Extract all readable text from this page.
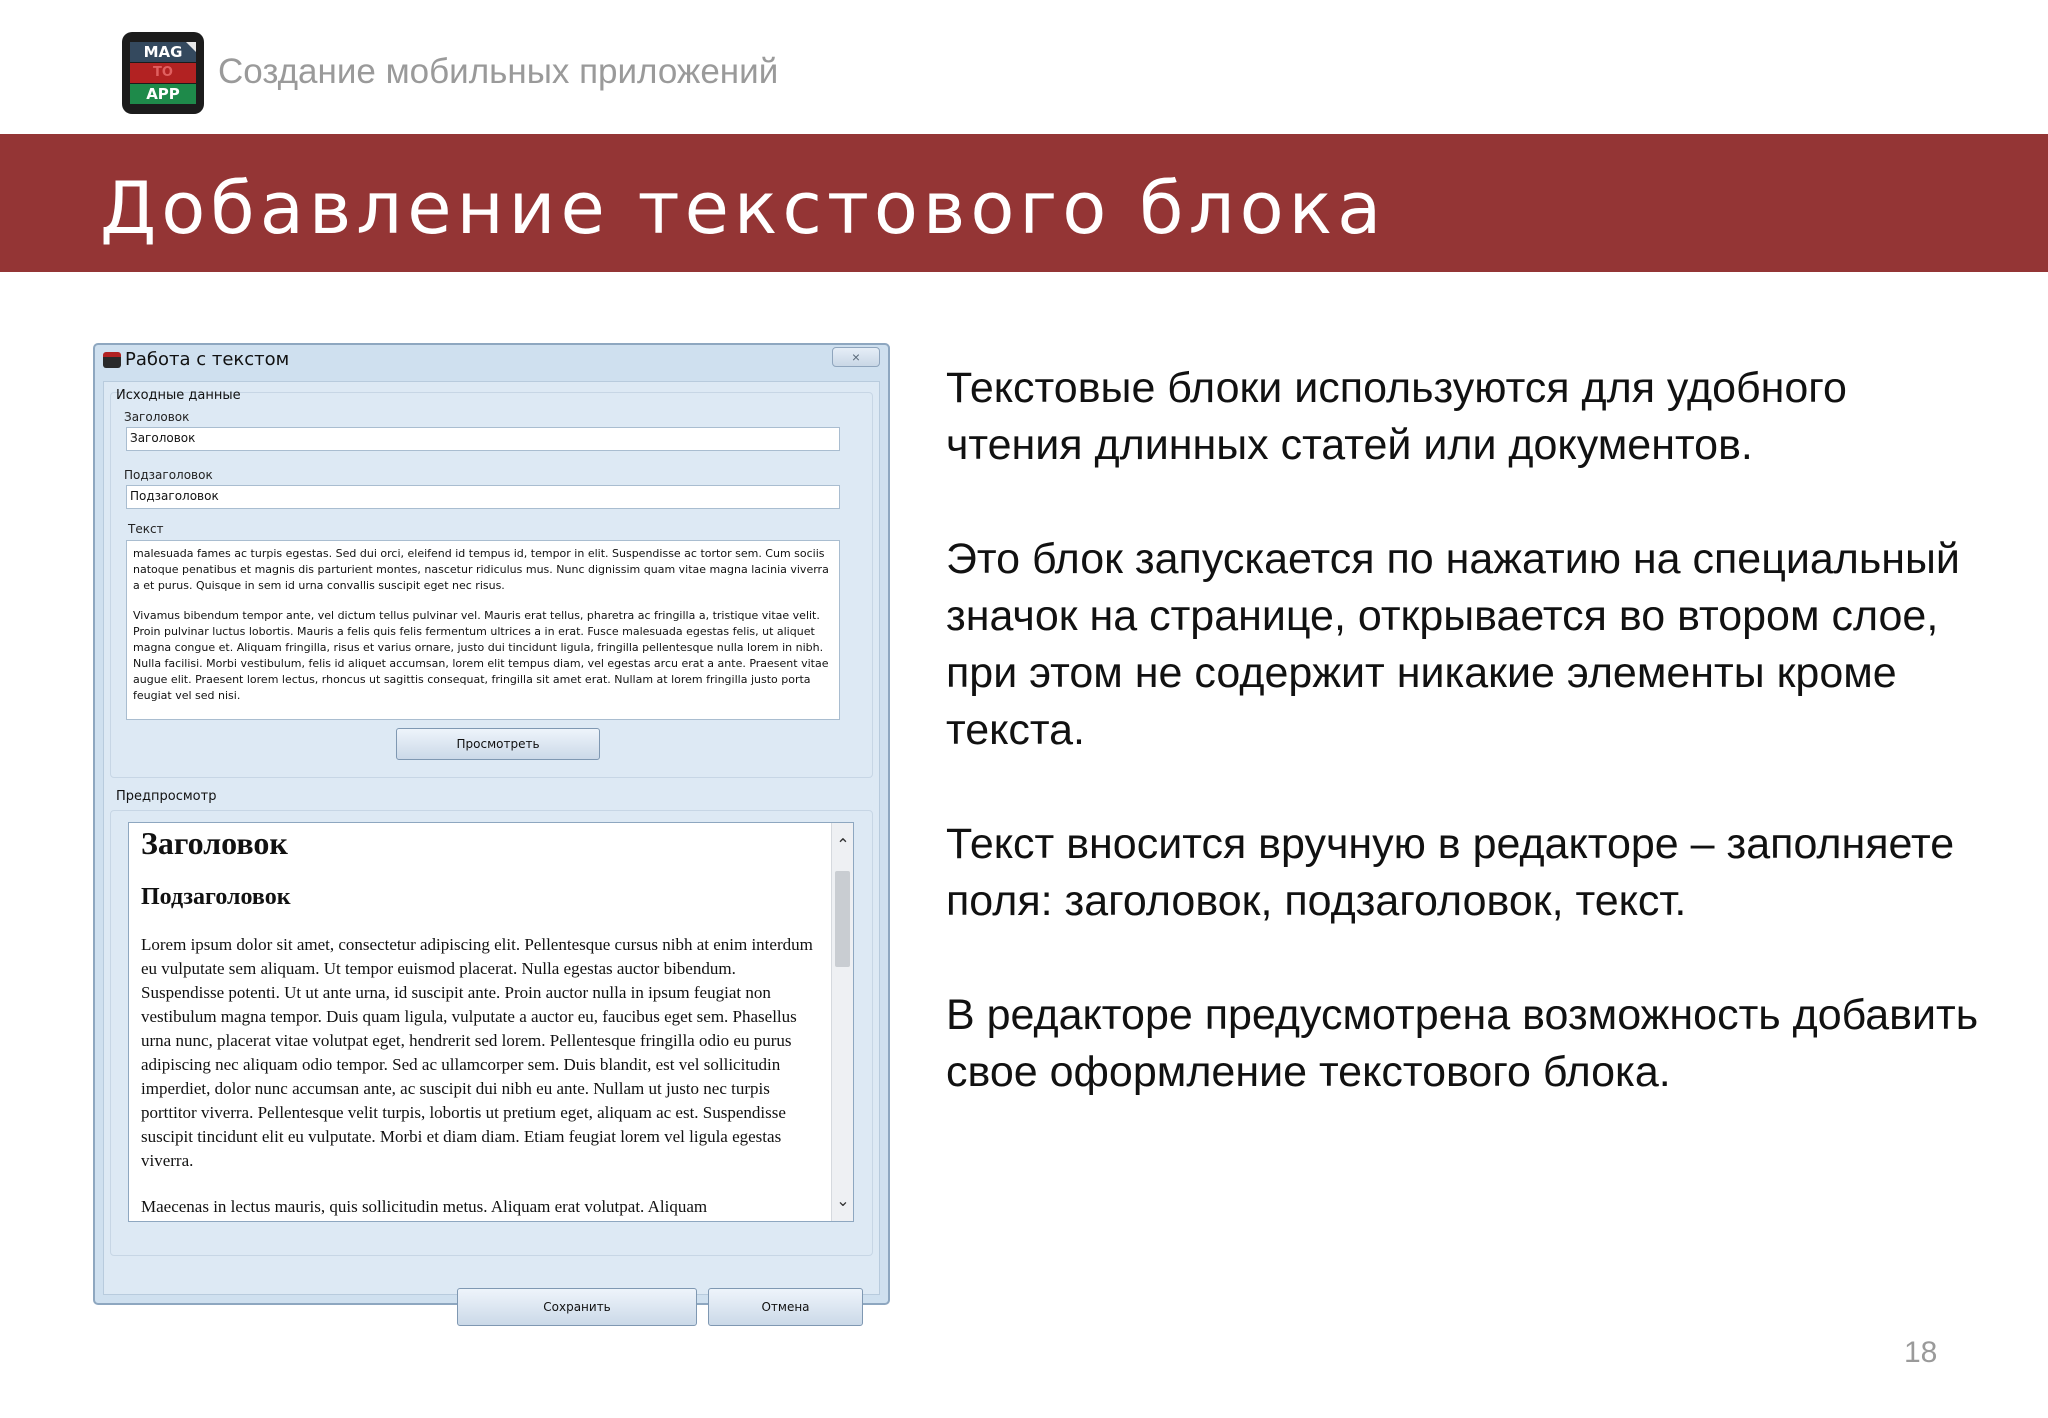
MAG
TO
APP
Создание мобильных приложений
Добавление текстового блока
Работа с текстом	×
Исходные данные
Заголовок
Заголовок
Подзаголовок
Подзаголовок
Текст

malesuada fames ac turpis egestas. Sed dui orci, eleifend id tempus id, tempor in elit. Suspendisse ac tortor sem. Cum sociis natoque penatibus et magnis dis parturient montes, nascetur ridiculus mus. Nunc dignissim quam vitae magna lacinia viverra a et purus. Quisque in sem id urna convallis suscipit eget nec risus.

Vivamus bibendum tempor ante, vel dictum tellus pulvinar vel. Mauris erat tellus, pharetra ac fringilla a, tristique vitae velit. Proin pulvinar luctus lobortis. Mauris a felis quis felis fermentum ultrices a in erat. Fusce malesuada egestas felis, ut aliquet magna congue et. Aliquam fringilla, risus et varius ornare, justo dui tincidunt ligula, fringilla pellentesque nulla lorem in nibh. Nulla facilisi. Morbi vestibulum, felis id aliquet accumsan, lorem elit tempus diam, vel egestas arcu erat a ante. Praesent vitae augue elit. Praesent lorem lectus, rhoncus ut sagittis consequat, fringilla sit amet erat. Nullam at lorem fringilla justo porta feugiat vel sed nisi.

Просмотреть
Предпросмотр
Заголовок
Подзаголовок

Lorem ipsum dolor sit amet, consectetur adipiscing elit. Pellentesque cursus nibh at enim interdum eu vulputate sem aliquam. Ut tempor euismod placerat. Nulla egestas auctor bibendum. Suspendisse potenti. Ut ut ante urna, id suscipit ante. Proin auctor nulla in ipsum feugiat non vestibulum magna tempor. Duis quam ligula, vulputate a auctor eu, faucibus eget sem. Phasellus urna nunc, placerat vitae volutpat eget, hendrerit sed lorem. Pellentesque fringilla odio eu purus adipiscing nec aliquam odio tempor. Sed ac ullamcorper sem. Duis blandit, est vel sollicitudin imperdiet, dolor nunc accumsan ante, ac suscipit dui nibh eu ante. Nullam ut justo nec turpis porttitor viverra. Pellentesque velit turpis, lobortis ut pretium eget, aliquam ac est. Suspendisse suscipit tincidunt elit eu vulputate. Morbi et diam diam. Etiam feugiat lorem vel ligula egestas viverra.

Maecenas in lectus mauris, quis sollicitudin metus. Aliquam erat volutpat. Aliquam

⌃
⌄
Сохранить	Отмена

Текстовые блоки используются для удобного чтения длинных статей или документов.

Это блок запускается по нажатию на специальный значок на странице, открывается во втором слое, при этом не содержит никакие элементы кроме текста.

Текст вносится вручную в редакторе – заполняете поля: заголовок, подзаголовок, текст.

В редакторе предусмотрена возможность добавить свое оформление текстового блока.

18
